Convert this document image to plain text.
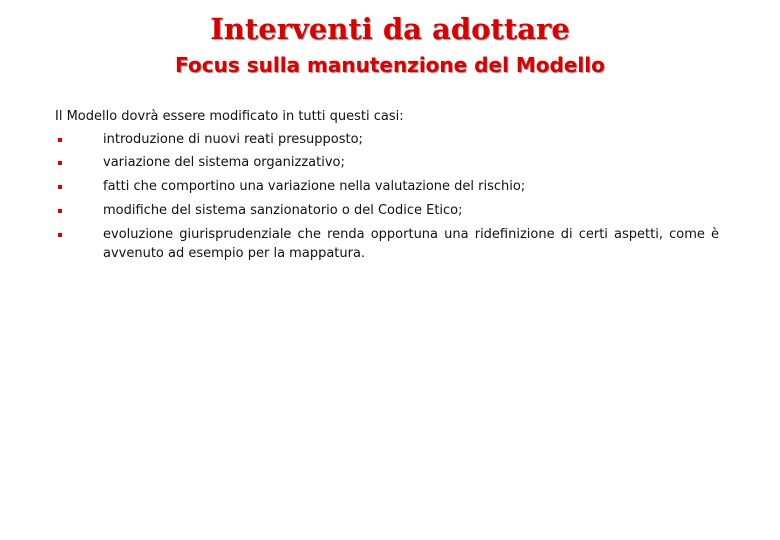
Interventi da adottare
Focus sulla manutenzione del Modello

Il Modello dovrà essere modificato in tutti questi casi:

introduzione di nuovi reati presupposto;
variazione del sistema organizzativo;
fatti che comportino una variazione nella valutazione del rischio;
modifiche del sistema sanzionatorio o del Codice Etico;
evoluzione giurisprudenziale che renda opportuna una ridefinizione di certi aspetti, come è avvenuto ad esempio per la mappatura.
